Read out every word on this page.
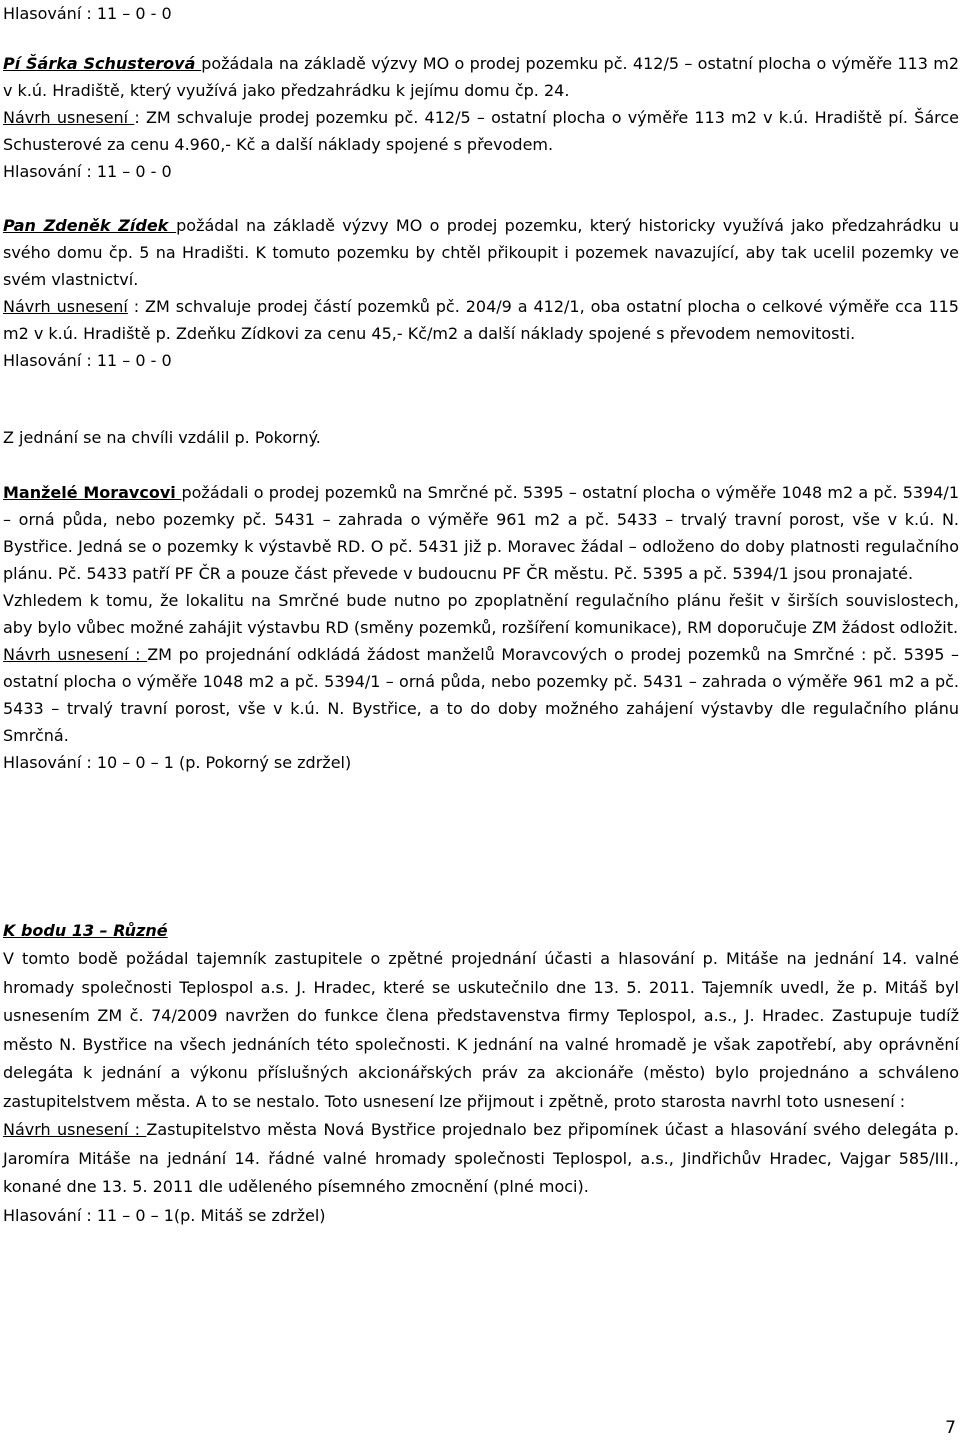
Hlasování : 11 – 0 - 0

Pí Šárka Schusterová požádala na základě výzvy MO o prodej pozemku pč. 412/5 – ostatní plocha o výměře 113 m2 v k.ú. Hradiště, který využívá jako předzahrádku k jejímu domu čp. 24.
Návrh usnesení : ZM schvaluje prodej pozemku pč. 412/5 – ostatní plocha o výměře 113 m2 v k.ú. Hradiště pí. Šárce Schusterové za cenu 4.960,- Kč a další náklady spojené s převodem.
Hlasování : 11 – 0 - 0

Pan Zdeněk Zídek požádal na základě výzvy MO o prodej pozemku, který historicky využívá jako předzahrádku u svého domu čp. 5 na Hradišti. K tomuto pozemku by chtěl přikoupit i pozemek navazující, aby tak ucelil pozemky ve svém vlastnictví.
Návrh usnesení : ZM schvaluje prodej částí pozemků pč. 204/9 a 412/1, oba ostatní plocha o celkové výměře cca 115 m2 v k.ú. Hradiště p. Zdeňku Zídkovi za cenu 45,- Kč/m2 a další náklady spojené s převodem nemovitosti.
Hlasování : 11 – 0 - 0

Z jednání se na chvíli vzdálil p. Pokorný.

Manželé Moravcovi požádali o prodej pozemků na Smrčné pč. 5395 – ostatní plocha o výměře 1048 m2 a pč. 5394/1 – orná půda, nebo pozemky pč. 5431 – zahrada o výměře 961 m2 a pč. 5433 – trvalý travní porost, vše v k.ú. N. Bystřice. Jedná se o pozemky k výstavbě RD. O pč. 5431 již p. Moravec žádal – odloženo do doby platnosti regulačního plánu. Pč. 5433 patří PF ČR a pouze část převede v budoucnu PF ČR městu. Pč. 5395 a pč. 5394/1 jsou pronajaté.
Vzhledem k tomu, že lokalitu na Smrčné bude nutno po zpoplatnění regulačního plánu řešit v širších souvislostech, aby bylo vůbec možné zahájit výstavbu RD (směny pozemků, rozšíření komunikace), RM doporučuje ZM žádost odložit.
Návrh usnesení : ZM po projednání odkládá žádost manželů Moravcových o prodej pozemků na Smrčné : pč. 5395 – ostatní plocha o výměře 1048 m2 a pč. 5394/1 – orná půda, nebo pozemky pč. 5431 – zahrada o výměře 961 m2 a pč. 5433 – trvalý travní porost, vše v k.ú. N. Bystřice, a to do doby možného zahájení výstavby dle regulačního plánu Smrčná.
Hlasování : 10 – 0 – 1 (p. Pokorný se zdržel)

K bodu 13 – Různé

V tomto bodě požádal tajemník zastupitele o zpětné projednání účasti a hlasování p. Mitáše na jednání 14. valné hromady společnosti Teplospol a.s. J. Hradec, které se uskutečnilo dne 13. 5. 2011. Tajemník uvedl, že p. Mitáš byl usnesením ZM č. 74/2009 navržen do funkce člena představenstva firmy Teplospol, a.s., J. Hradec. Zastupuje tudíž město N. Bystřice na všech jednáních této společnosti. K jednání na valné hromadě je však zapotřebí, aby oprávnění delegáta k jednání a výkonu příslušných akcionářských práv za akcionáře (město) bylo projednáno a schváleno zastupitelstvem města. A to se nestalo. Toto usnesení lze přijmout i zpětně, proto starosta navrhl toto usnesení :
Návrh usnesení : Zastupitelstvo města Nová Bystřice projednalo bez připomínek účast a hlasování svého delegáta p. Jaromíra Mitáše na jednání 14. řádné valné hromady společnosti Teplospol, a.s., Jindřichův Hradec, Vajgar 585/III., konané dne 13. 5. 2011 dle uděleného písemného zmocnění (plné moci).
Hlasování : 11 – 0 – 1(p. Mitáš se zdržel)

7
